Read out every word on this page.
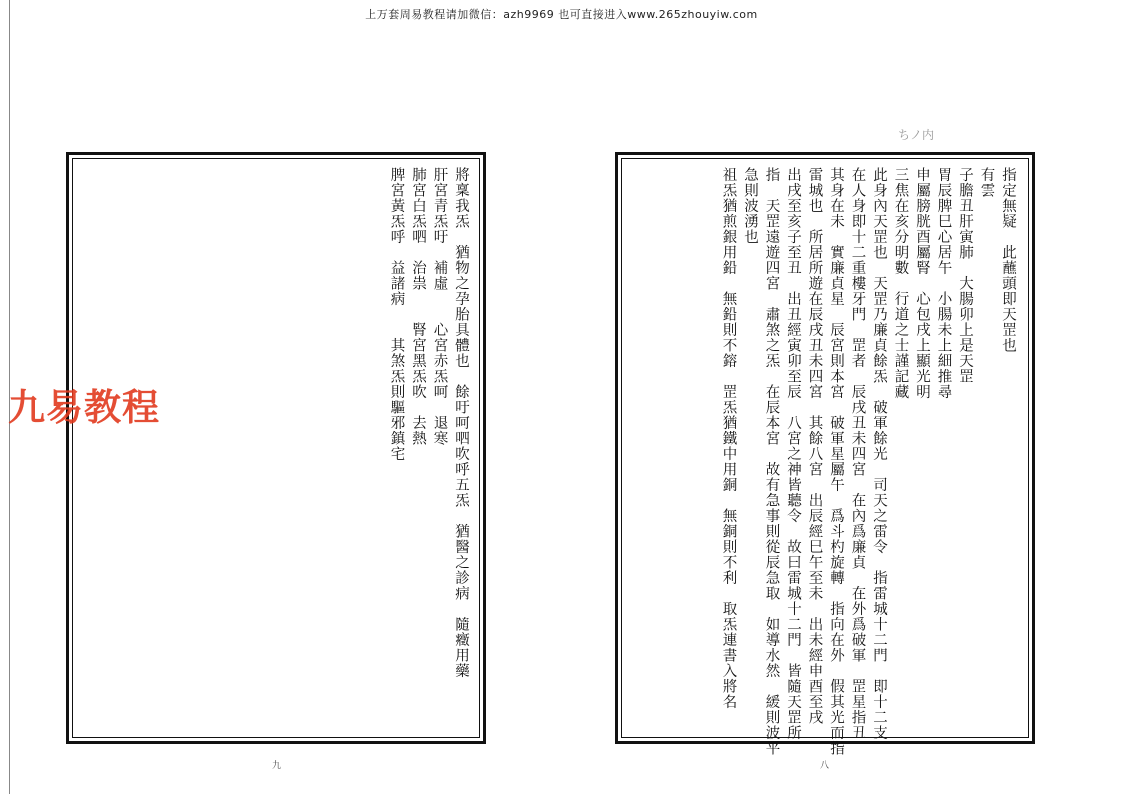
上万套周易教程请加微信：azh9969 也可直接进入www.265zhouyiw.com
ちノ内
將稟我炁　猶物之孕胎具體也　餘吁呵呬吹呼五炁　猶醫之診病　隨癥用藥
肝宮青炁吁　補虛　　心宮赤炁呵　退寒
肺宮白炁呬　治祟　　腎宮黑炁吹　去熱
脾宮黃炁呼　益諸病　　其煞炁則驅邪鎮宅	指定無疑　此蘸頭即天罡也
有雲
子膽丑肝寅肺　大腸卯上是天罡
胃辰脾巳心居午　小腸未上細推尋
申屬膀胱酉屬腎　心包戌上顯光明
三焦在亥分明數　行道之士謹記藏
此身內天罡也　天罡乃廉貞餘炁　破軍餘光　司天之雷令　指雷城十二門　即十二支
在人身即十二重樓牙門　罡者　辰戌丑未四宮　在內爲廉貞　在外爲破軍　罡星指丑
其身在未　實廉貞星　辰宮則本宮　破軍星屬午　爲斗杓旋轉　指向在外　假其光而指
雷城也　所居所遊在辰戌丑未四宮　其餘八宮　出辰經巳午至未　出未經申酉至戌
出戌至亥子至丑　出丑經寅卯至辰　八宮之神皆聽令　故曰雷城十二門　皆隨天罡所
指　天罡遠遊四宮　肅煞之炁　在辰本宮　故有急事則從辰急取　如導水然　緩則波平
急則波湧也
祖炁猶煎銀用鉛　無鉛則不鎔　罡炁猶鐵中用銅　無銅則不利　取炁連書入將名
九	八
九易教程
